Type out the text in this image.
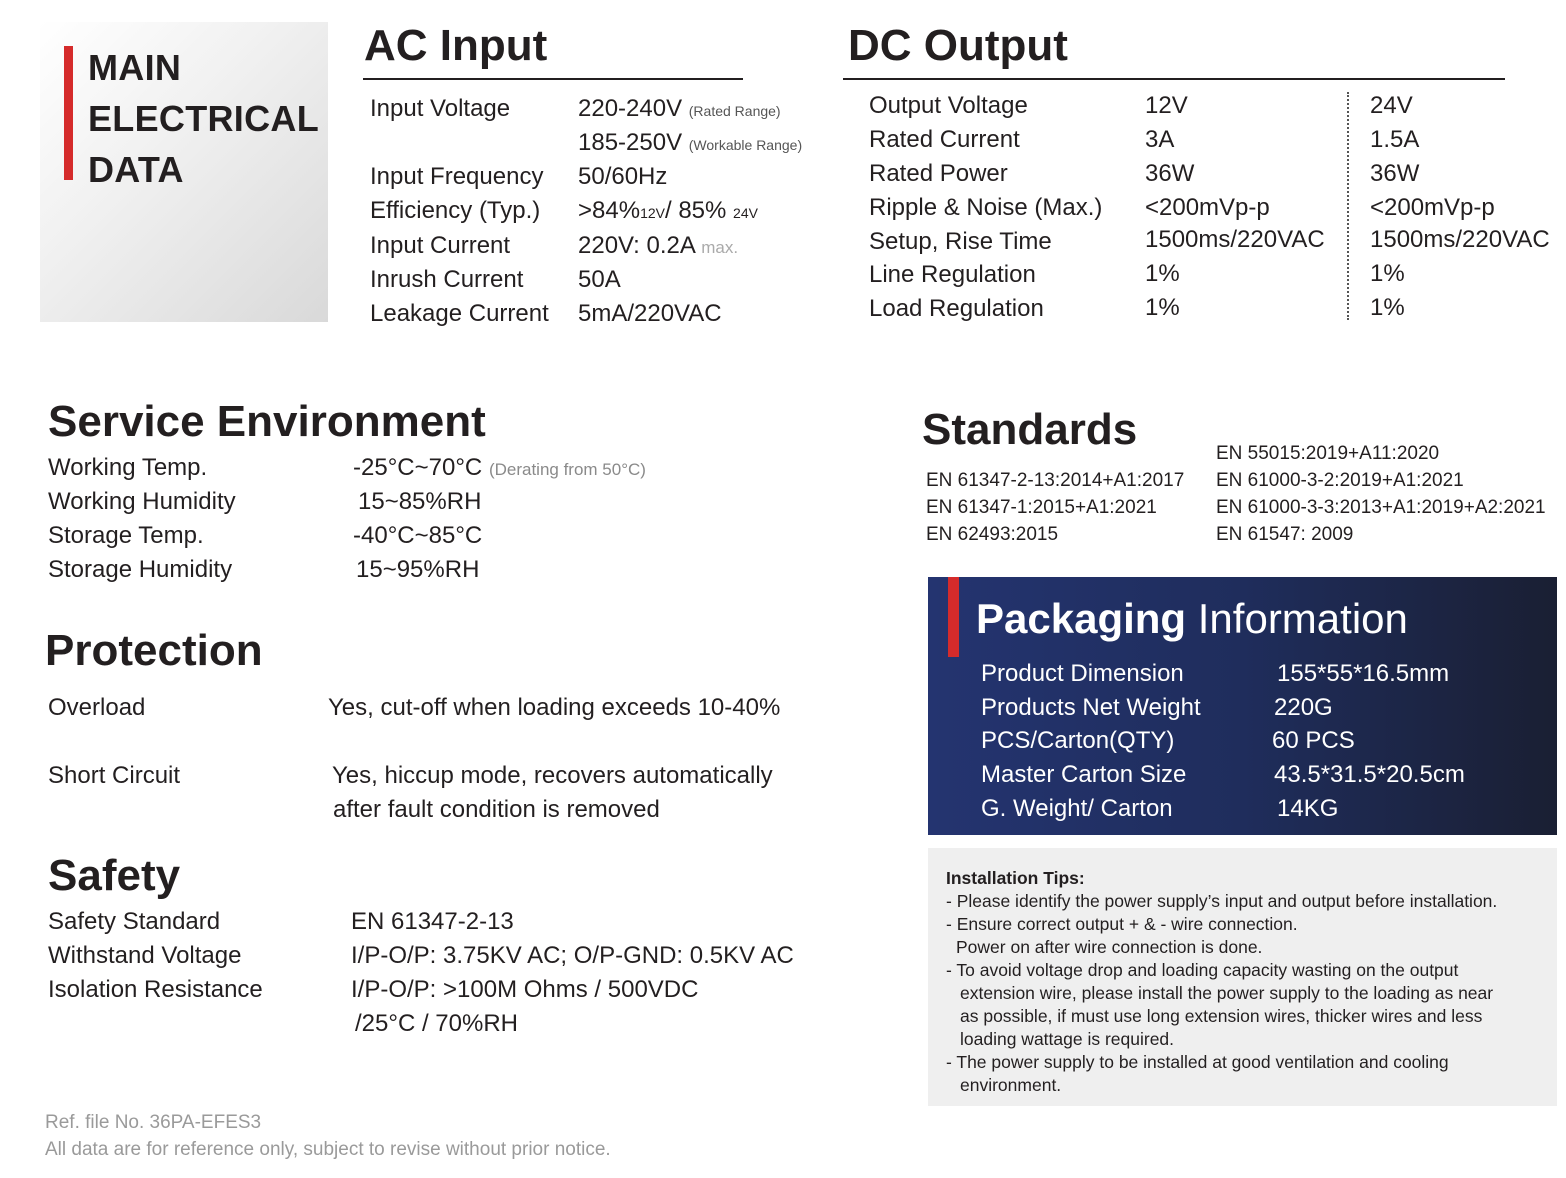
MAIN
ELECTRICAL
DATA
AC Input
Input Voltage	220-240V (Rated Range)
185-250V (Workable Range)
Input Frequency 50/60Hz
Efficiency (Typ.) >84%12V/ 85% 24V
Input Current	220V: 0.2A max.
Inrush Current 50A
Leakage Current 5mA/220VAC
DC Output
Output Voltage	12V	24V
Rated Current	3A	1.5A
Rated Power	36W	36W
Ripple & Noise (Max.) <200mVp-p	<200mVp-p
Setup, Rise Time	1500ms/220VAC 1500ms/220VAC
Line Regulation	1%	1%
Load Regulation	1%	1%
Service Environment
Working Temp.	-25°C~70°C (Derating from 50°C)
Working Humidity	15~85%RH
Storage Temp.	-40°C~85°C
Storage Humidity	15~95%RH
Protection
Overload	Yes, cut-off when loading exceeds 10-40%
Short Circuit	Yes, hiccup mode, recovers automatically
after fault condition is removed
Safety
Safety Standard	EN 61347-2-13
Withstand Voltage	I/P-O/P: 3.75KV AC; O/P-GND: 0.5KV AC
Isolation Resistance	I/P-O/P: >100M Ohms / 500VDC
/25°C / 70%RH
Standards
EN 61347-2-13:2014+A1:2017
EN 61347-1:2015+A1:2021
EN 62493:2015
EN 55015:2019+A11:2020
EN 61000-3-2:2019+A1:2021
EN 61000-3-3:2013+A1:2019+A2:2021
EN 61547: 2009
Packaging Information
Product Dimension	155*55*16.5mm
Products Net Weight	220G
PCS/Carton(QTY)	60 PCS
Master Carton Size	43.5*31.5*20.5cm
G. Weight/ Carton	14KG
Installation Tips:
- Please identify the power supply’s input and output before installation.
- Ensure correct output + & - wire connection.
Power on after wire connection is done.
- To avoid voltage drop and loading capacity wasting on the output
extension wire, please install the power supply to the loading as near
as possible, if must use long extension wires, thicker wires and less
loading wattage is required.
- The power supply to be installed at good ventilation and cooling
environment.
Ref. file No. 36PA-EFES3
All data are for reference only, subject to revise without prior notice.
